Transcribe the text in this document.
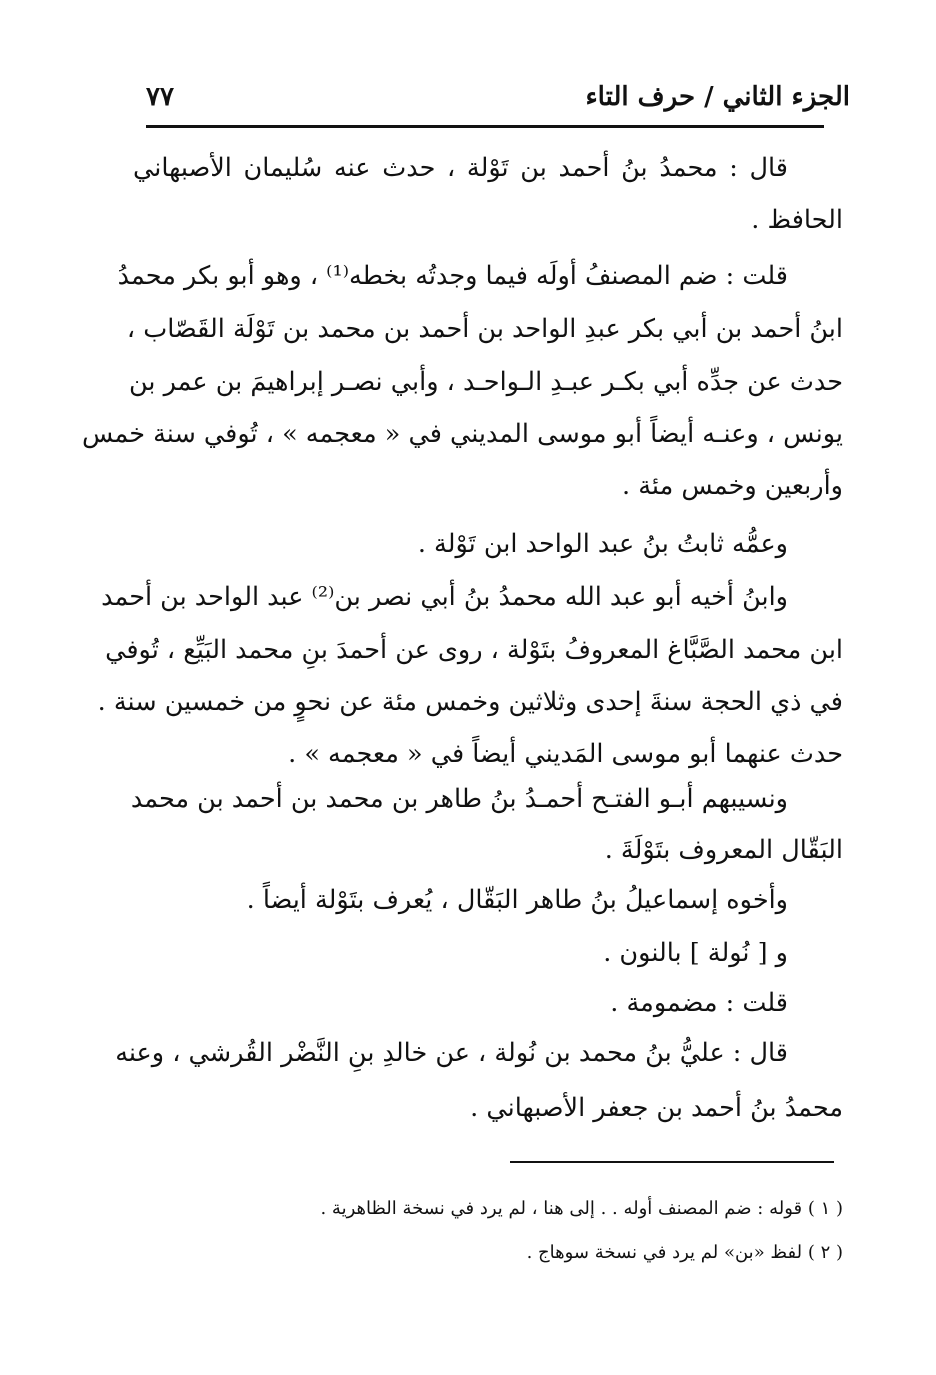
الجزء الثاني / حرف التاء
٧٧
قال : محمدُ بنُ أحمد بن تَوْلة ، حدث عنه سُليمان الأصبهاني
الحافظ .
قلت : ضم المصنفُ أولَه فيما وجدتُه بخطه⁽¹⁾ ، وهو أبو بكر محمدُ
ابنُ أحمد بن أبي بكر عبدِ الواحد بن أحمد بن محمد بن تَوْلَة القَصّاب ،
حدث عن جدِّه أبي بكـر عبـدِ الـواحـد ، وأبي نصـر إبراهيمَ بن عمر بن
يونس ، وعنـه أيضاً أبو موسى المديني في « معجمه » ، تُوفي سنة خمس
وأربعين وخمس مئة .
وعمُّه ثابتُ بنُ عبد الواحد ابن تَوْلة .
وابنُ أخيه أبو عبد الله محمدُ بنُ أبي نصر بن⁽²⁾ عبد الواحد بن أحمد
ابن محمد الصَّبَّاغ المعروفُ بتَوْلة ، روى عن أحمدَ بنِ محمد البَيِّع ، تُوفي
في ذي الحجة سنةَ إحدى وثلاثين وخمس مئة عن نحوٍ من خمسين سنة .
حدث عنهما أبو موسى المَديني أيضاً في « معجمه » .
ونسيبهم أبـو الفتـح أحمـدُ بنُ طاهر بن محمد بن أحمد بن محمد
البَقّال المعروف بتَوْلَةَ .
وأخوه إسماعيلُ بنُ طاهر البَقّال ، يُعرف بتَوْلة أيضاً .
و [ نُولة ] بالنون .
قلت : مضمومة .
قال : عليُّ بنُ محمد بن نُولة ، عن خالدِ بنِ النَّضْر القُرشي ، وعنه
محمدُ بنُ أحمد بن جعفر الأصبهاني .
( ١ ) قوله : ضم المصنف أوله . . إلى هنا ، لم يرد في نسخة الظاهرية .
( ٢ ) لفظ «بن» لم يرد في نسخة سوهاج .
